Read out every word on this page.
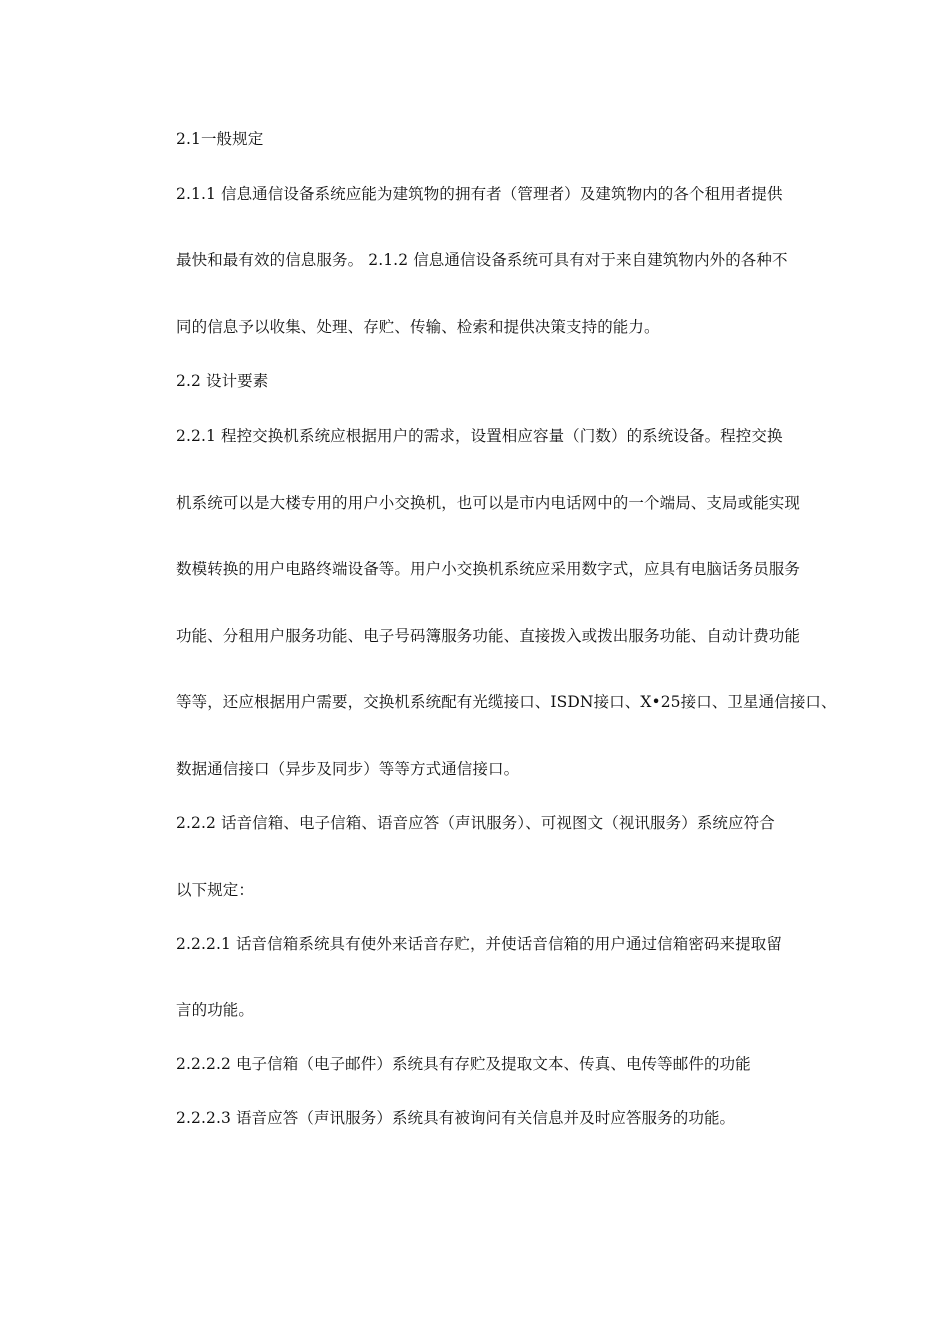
2.1一般规定
2.1.1 信息通信设备系统应能为建筑物的拥有者（管理者）及建筑物内的各个租用者提供
最快和最有效的信息服务。 2.1.2 信息通信设备系统可具有对于来自建筑物内外的各种不
同的信息予以收集、处理、存贮、传输、检索和提供决策支持的能力。
2.2 设计要素
2.2.1 程控交换机系统应根据用户的需求，设置相应容量（门数）的系统设备。程控交换
机系统可以是大楼专用的用户小交换机，也可以是市内电话网中的一个端局、支局或能实现
数模转换的用户电路终端设备等。用户小交换机系统应采用数字式，应具有电脑话务员服务
功能、分租用户服务功能、电子号码簿服务功能、直接拨入或拨出服务功能、自动计费功能
等等，还应根据用户需要，交换机系统配有光缆接口、ISDN接口、X•25接口、卫星通信接口、
数据通信接口（异步及同步）等等方式通信接口。
2.2.2 话音信箱、电子信箱、语音应答（声讯服务）、可视图文（视讯服务）系统应符合
以下规定：
2.2.2.1 话音信箱系统具有使外来话音存贮，并使话音信箱的用户通过信箱密码来提取留
言的功能。
2.2.2.2 电子信箱（电子邮件）系统具有存贮及提取文本、传真、电传等邮件的功能
2.2.2.3 语音应答（声讯服务）系统具有被询问有关信息并及时应答服务的功能。
